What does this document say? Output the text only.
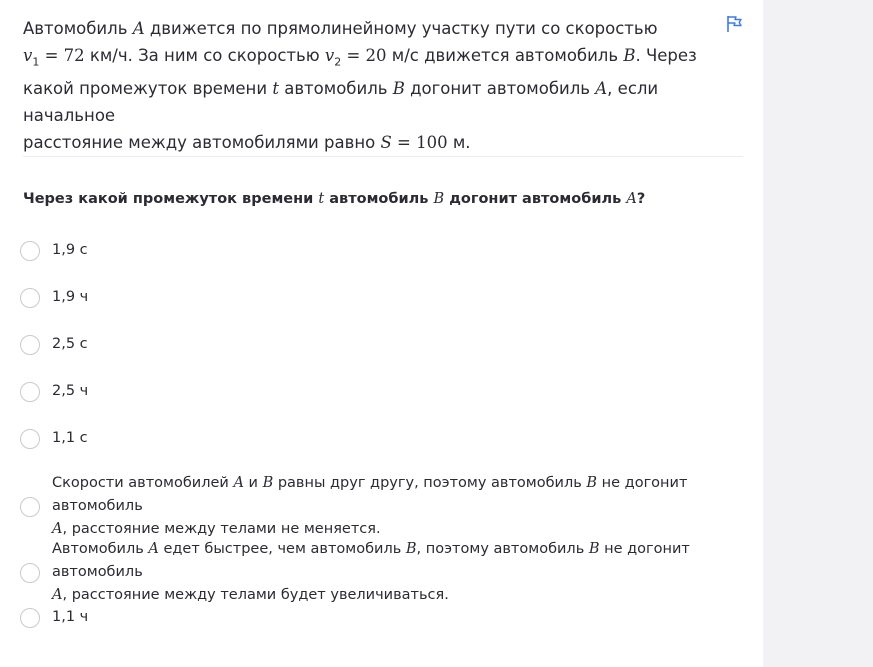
Автомобиль A движется по прямолинейному участку пути со скоростью
$v_1 = 72$ км/ч. За ним со скоростью $v_2 = 20$ м/с движется автомобиль B. Через
какой промежуток времени t автомобиль B догонит автомобиль A, если начальное
расстояние между автомобилями равно S = 100 м.
Через какой промежуток времени t автомобиль B догонит автомобиль A?
1,9 с
1,9 ч
2,5 с
2,5 ч
1,1 с
Скорости автомобилей A и B равны друг другу, поэтому автомобиль B не догонит автомобиль
A, расстояние между телами не меняется.
Автомобиль A едет быстрее, чем автомобиль B, поэтому автомобиль B не догонит автомобиль
A, расстояние между телами будет увеличиваться.
1,1 ч
